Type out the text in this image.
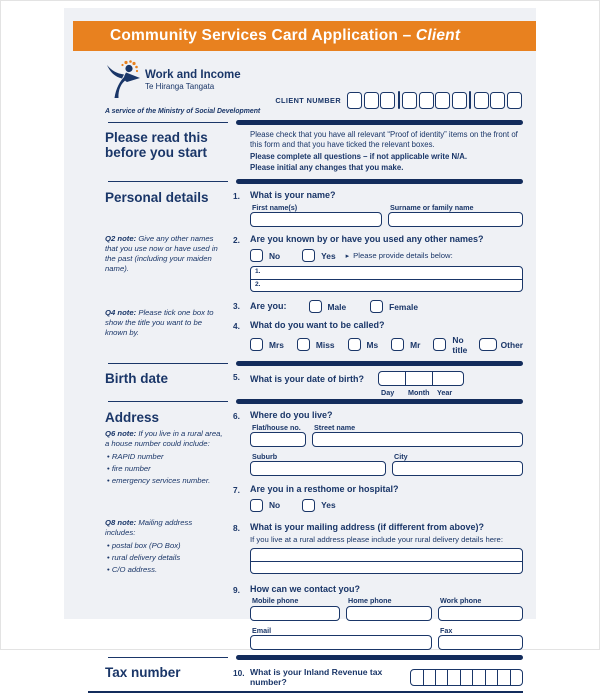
Community Services Card Application – Client
Work and Income
Te Hiranga Tangata
A service of the Ministry of Social Development
CLIENT NUMBER
Please read this
before you start
Please check that you have all relevant “Proof of identity” items on the front of this form and that you have ticked the relevant boxes.
Please complete all questions – if not applicable write N/A.
Please initial any changes that you make.
Personal details
Q2 note: Give any other names that you use now or have used in the past (including your maiden name).
Q4 note: Please tick one box to show the title you want to be known by.
1.	What is your name?
First name(s)	Surname or family name
2.	Are you known by or have you used any other names?
No	Yes ▸ Please provide details below:
1.
2.
3.	Are you:	Male	Female
4.	What do you want to be called?
Mrs	Miss	Ms	Mr	No title	Other
Birth date	5.	What is your date of birth?
Day	Month	Year
Address
Q6 note: If you live in a rural area, a house number could include:
• RAPID number
• fire number
• emergency services number.
Q8 note: Mailing address includes:
• postal box (PO Box)
• rural delivery details
• C/O address.
6.	Where do you live?
Flat/house no.	Street name
Suburb	City
7.	Are you in a resthome or hospital?
No	Yes
8.	What is your mailing address (if different from above)?
If you live at a rural address please include your rural delivery details here:
9.	How can we contact you?
Mobile phone	Home phone	Work phone
Email	Fax
Tax number	10. What is your Inland Revenue tax number?
